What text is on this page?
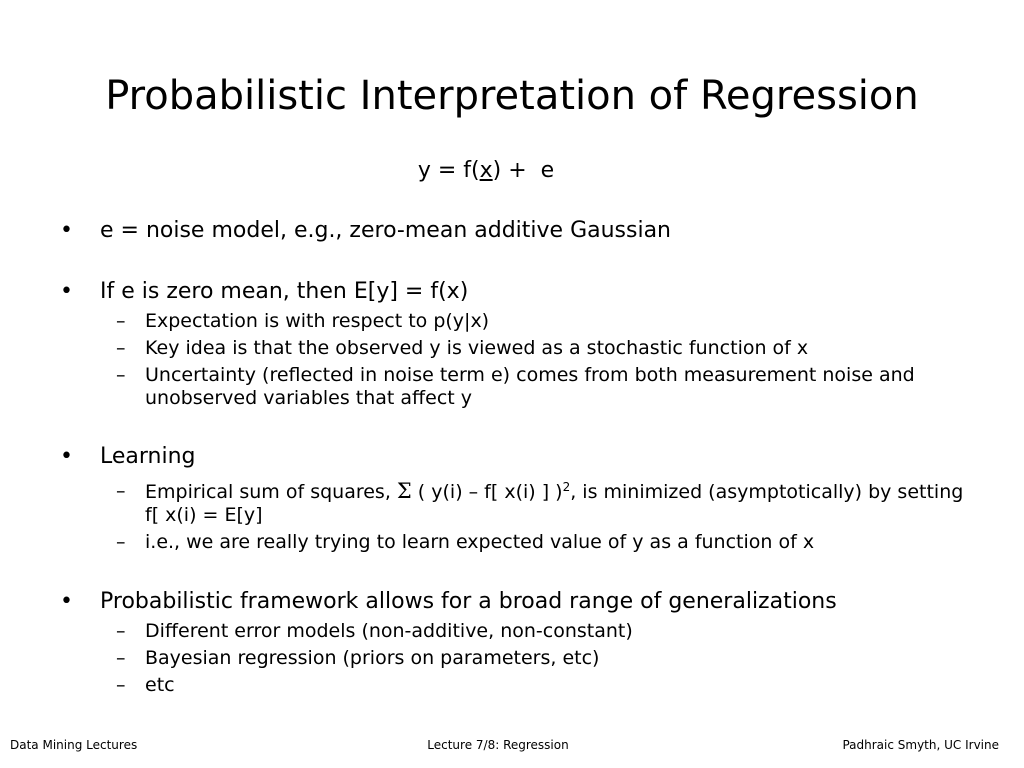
Probabilistic Interpretation of Regression
y = f(x) +  e
• e = noise model, e.g., zero-mean additive Gaussian
• If e is zero mean, then E[y] = f(x)
– Expectation is with respect to p(y|x)
– Key idea is that the observed y is viewed as a stochastic function of x
– Uncertainty (reflected in noise term e) comes from both measurement noise and unobserved variables that affect y
• Learning
– Empirical sum of squares, Σ ( y(i) – f[ x(i) ] )$^2$, is minimized (asymptotically) by setting f[ x(i) = E[y]
– i.e., we are really trying to learn expected value of y as a function of x
• Probabilistic framework allows for a broad range of generalizations
– Different error models (non-additive, non-constant)
– Bayesian regression (priors on parameters, etc)
– etc
Data Mining Lectures	Lecture 7/8: Regression	Padhraic Smyth, UC Irvine
